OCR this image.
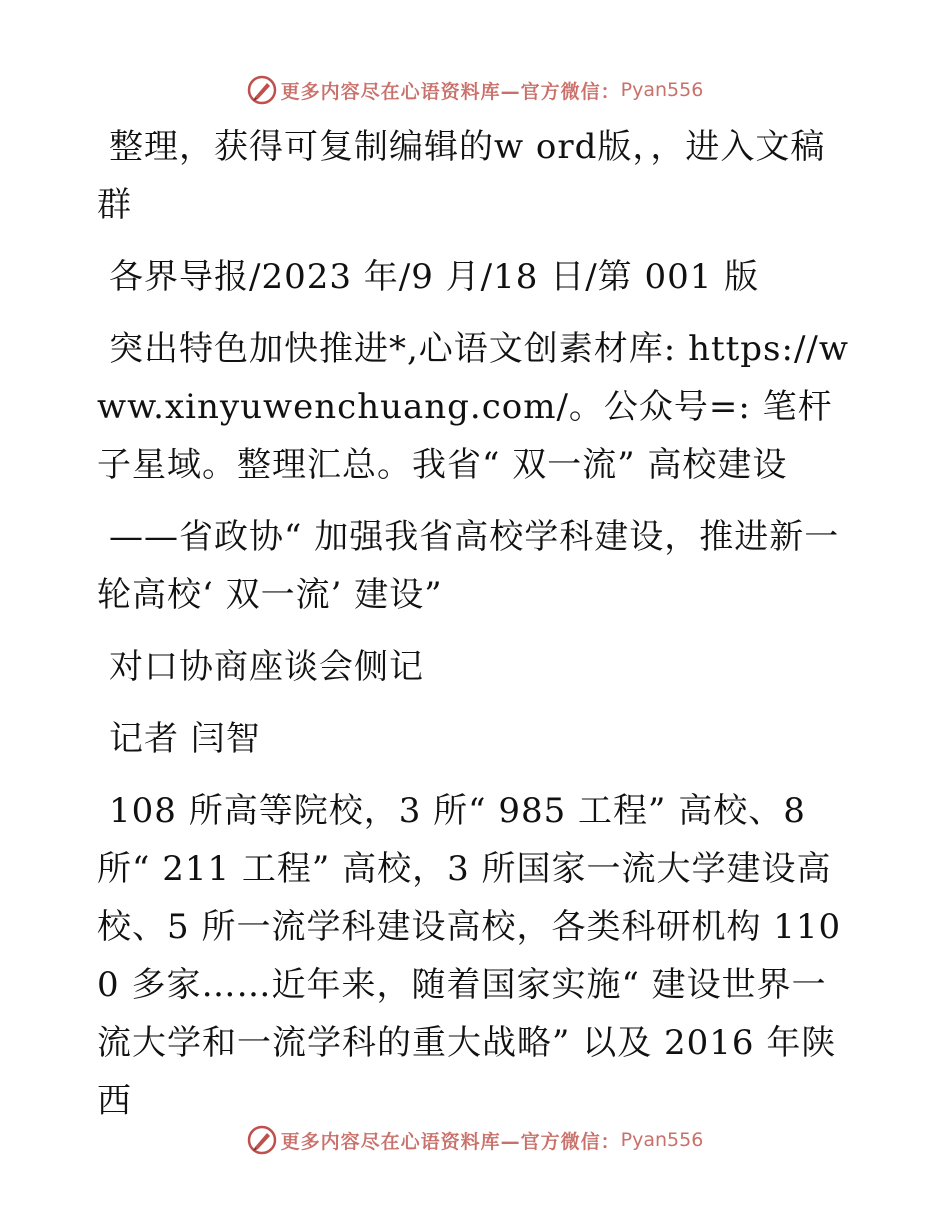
更多内容尽在心语资料库—官方微信： Pyan556

整理，获得可复制编辑的w ord版，，进入文稿群

各界导报/2023 年/9 月/18 日/第 001 版

突出特色加快推进*,心语文创素材库: https://www.xinyuwenchuang.com/。公众号=: 笔杆子星域。整理汇总。我省“ 双一流” 高校建设

——省政协“ 加强我省高校学科建设，推进新一轮高校‘ 双一流’ 建设”

对口协商座谈会侧记

记者 闫智

108 所高等院校，3 所“ 985 工程” 高校、8 所“ 211 工程” 高校，3 所国家一流大学建设高校、5 所一流学科建设高校，各类科研机构 1100 多家……近年来，随着国家实施“ 建设世界一流大学和一流学科的重大战略” 以及 2016 年陕西

更多内容尽在心语资料库—官方微信： Pyan556
